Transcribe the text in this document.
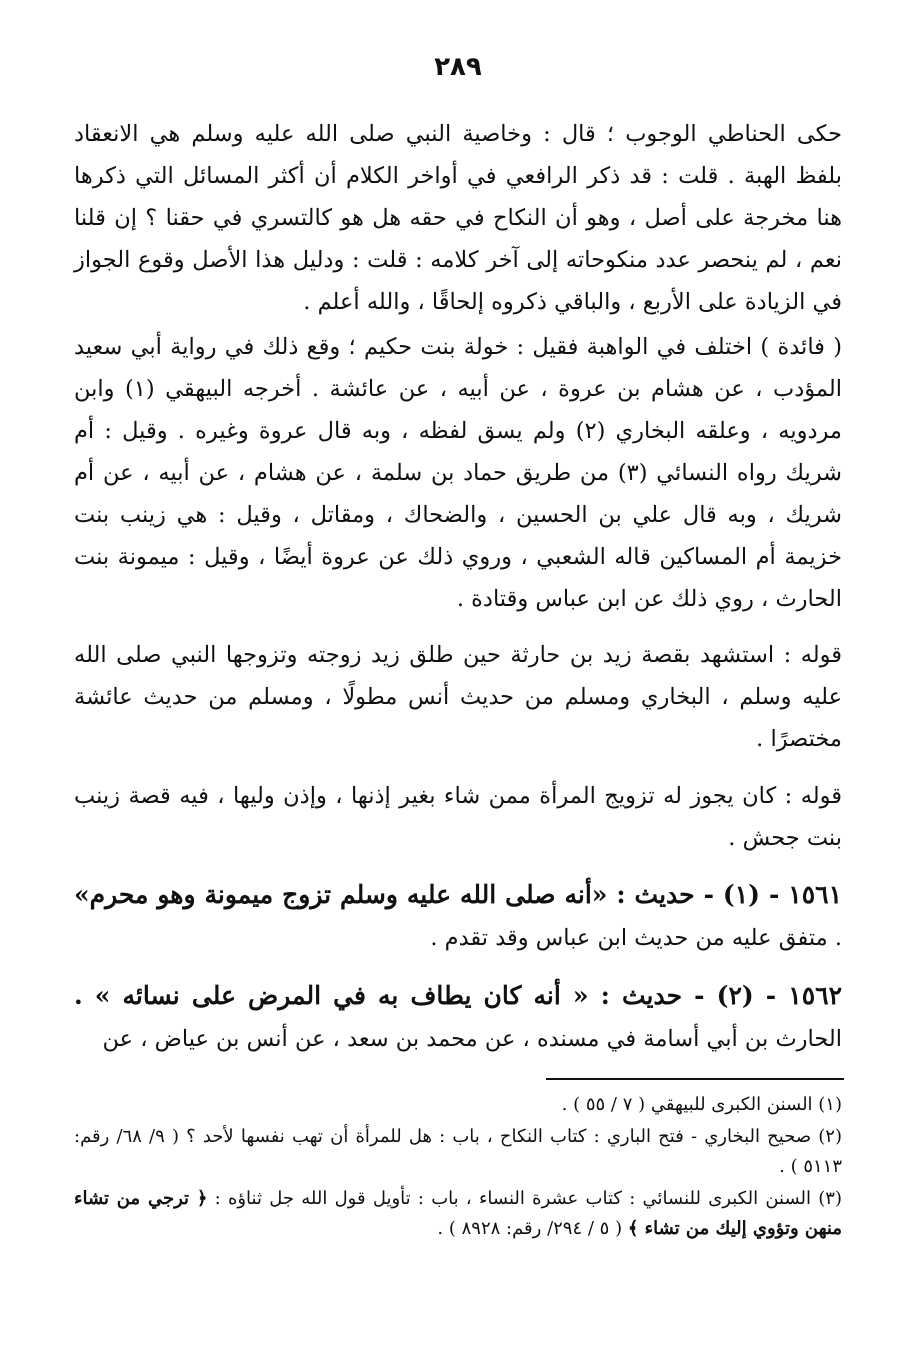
٢٨٩
حكى الحناطي الوجوب ؛ قال : وخاصية النبي صلى الله عليه وسلم هي الانعقاد بلفظ الهبة . قلت : قد ذكر الرافعي في أواخر الكلام أن أكثر المسائل التي ذكرها هنا مخرجة على أصل ، وهو أن النكاح في حقه هل هو كالتسري في حقنا ؟ إن قلنا نعم ، لم ينحصر عدد منكوحاته إلى آخر كلامه : قلت : ودليل هذا الأصل وقوع الجواز في الزيادة على الأربع ، والباقي ذكروه إلحاقًا ، والله أعلم .
( فائدة ) اختلف في الواهبة فقيل : خولة بنت حكيم ؛ وقع ذلك في رواية أبي سعيد المؤدب ، عن هشام بن عروة ، عن أبيه ، عن عائشة . أخرجه البيهقي (١) وابن مردويه ، وعلقه البخاري (٢) ولم يسق لفظه ، وبه قال عروة وغيره . وقيل : أم شريك رواه النسائي (٣) من طريق حماد بن سلمة ، عن هشام ، عن أبيه ، عن أم شريك ، وبه قال علي بن الحسين ، والضحاك ، ومقاتل ، وقيل : هي زينب بنت خزيمة أم المساكين قاله الشعبي ، وروي ذلك عن عروة أيضًا ، وقيل : ميمونة بنت الحارث ، روي ذلك عن ابن عباس وقتادة .
قوله : استشهد بقصة زيد بن حارثة حين طلق زيد زوجته وتزوجها النبي صلى الله عليه وسلم ، البخاري ومسلم من حديث أنس مطولًا ، ومسلم من حديث عائشة مختصرًا .
قوله : كان يجوز له تزويج المرأة ممن شاء بغير إذنها ، وإذن وليها ، فيه قصة زينب بنت جحش .
١٥٦١ - (١) - حديث : «أنه صلى الله عليه وسلم تزوج ميمونة وهو محرم» . متفق عليه من حديث ابن عباس وقد تقدم .
١٥٦٢ - (٢) - حديث : « أنه كان يطاف به في المرض على نسائه » . الحارث بن أبي أسامة في مسنده ، عن محمد بن سعد ، عن أنس بن عياض ، عن
(١) السنن الكبرى للبيهقي ( ٧ / ٥٥ ) .
(٢) صحيح البخاري - فتح الباري : كتاب النكاح ، باب : هل للمرأة أن تهب نفسها لأحد ؟ ( ٩/ ٦٨/ رقم: ٥١١٣ ) .
(٣) السنن الكبرى للنسائي : كتاب عشرة النساء ، باب : تأويل قول الله جل ثناؤه : ﴿ ترجي من تشاء منهن وتؤوي إليك من تشاء ﴾ ( ٥ / ٢٩٤/ رقم: ٨٩٢٨ ) .
